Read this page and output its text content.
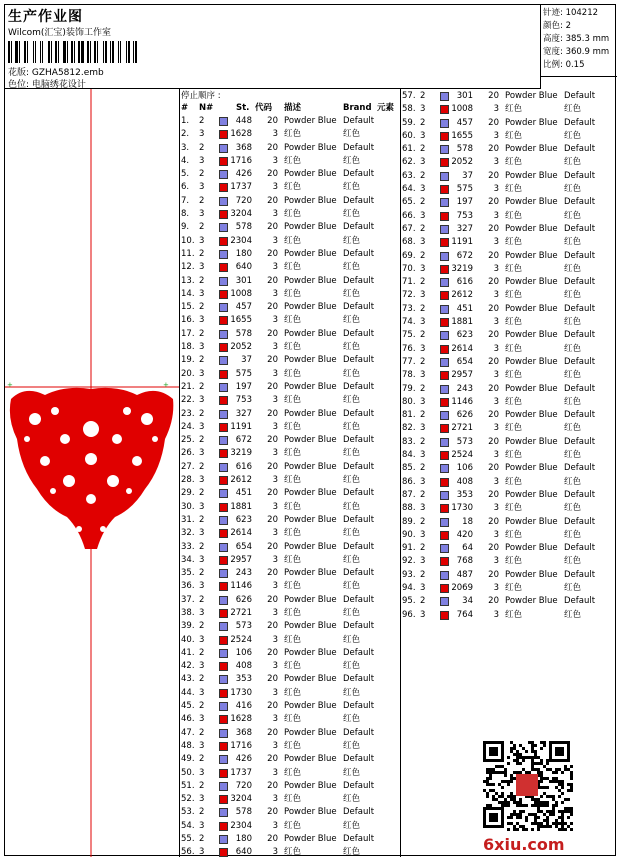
生产作业图
Wilcom(汇宝)装饰工作室
花版: GZHA5812.emb
色位: 电脑绣花设计
针迹: 104212
颜色: 2
高度: 385.3 mm
宽度: 360.9 mm
比例: 0.15
+	+
停止顺序 :
# N#	St. 代码 描述	Brand 元素
1. 2	448	20 Powder Blue Default
2. 3	1628	3 红色	红色
3. 2	368	20 Powder Blue Default
4. 3	1716	3 红色	红色
5. 2	426	20 Powder Blue Default
6. 3	1737	3 红色	红色
7. 2	720	20 Powder Blue Default
8. 3	3204	3 红色	红色
9. 2	578	20 Powder Blue Default
10. 3	2304	3 红色	红色
11. 2	180	20 Powder Blue Default
12. 3	640	3 红色	红色
13. 2	301	20 Powder Blue Default
14. 3	1008	3 红色	红色
15. 2	457	20 Powder Blue Default
16. 3	1655	3 红色	红色
17. 2	578	20 Powder Blue Default
18. 3	2052	3 红色	红色
19. 2	37	20 Powder Blue Default
20. 3	575	3 红色	红色
21. 2	197	20 Powder Blue Default
22. 3	753	3 红色	红色
23. 2	327	20 Powder Blue Default
24. 3	1191	3 红色	红色
25. 2	672	20 Powder Blue Default
26. 3	3219	3 红色	红色
27. 2	616	20 Powder Blue Default
28. 3	2612	3 红色	红色
29. 2	451	20 Powder Blue Default
30. 3	1881	3 红色	红色
31. 2	623	20 Powder Blue Default
32. 3	2614	3 红色	红色
33. 2	654	20 Powder Blue Default
34. 3	2957	3 红色	红色
35. 2	243	20 Powder Blue Default
36. 3	1146	3 红色	红色
37. 2	626	20 Powder Blue Default
38. 3	2721	3 红色	红色
39. 2	573	20 Powder Blue Default
40. 3	2524	3 红色	红色
41. 2	106	20 Powder Blue Default
42. 3	408	3 红色	红色
43. 2	353	20 Powder Blue Default
44. 3	1730	3 红色	红色
45. 2	416	20 Powder Blue Default
46. 3	1628	3 红色	红色
47. 2	368	20 Powder Blue Default
48. 3	1716	3 红色	红色
49. 2	426	20 Powder Blue Default
50. 3	1737	3 红色	红色
51. 2	720	20 Powder Blue Default
52. 3	3204	3 红色	红色
53. 2	578	20 Powder Blue Default
54. 3	2304	3 红色	红色
55. 2	180	20 Powder Blue Default
56. 3	640	3 红色	红色
57. 2	301	20 Powder Blue Default
58. 3	1008	3 红色	红色
59. 2	457	20 Powder Blue Default
60. 3	1655	3 红色	红色
61. 2	578	20 Powder Blue Default
62. 3	2052	3 红色	红色
63. 2	37	20 Powder Blue Default
64. 3	575	3 红色	红色
65. 2	197	20 Powder Blue Default
66. 3	753	3 红色	红色
67. 2	327	20 Powder Blue Default
68. 3	1191	3 红色	红色
69. 2	672	20 Powder Blue Default
70. 3	3219	3 红色	红色
71. 2	616	20 Powder Blue Default
72. 3	2612	3 红色	红色
73. 2	451	20 Powder Blue Default
74. 3	1881	3 红色	红色
75. 2	623	20 Powder Blue Default
76. 3	2614	3 红色	红色
77. 2	654	20 Powder Blue Default
78. 3	2957	3 红色	红色
79. 2	243	20 Powder Blue Default
80. 3	1146	3 红色	红色
81. 2	626	20 Powder Blue Default
82. 3	2721	3 红色	红色
83. 2	573	20 Powder Blue Default
84. 3	2524	3 红色	红色
85. 2	106	20 Powder Blue Default
86. 3	408	3 红色	红色
87. 2	353	20 Powder Blue Default
88. 3	1730	3 红色	红色
89. 2	18	20 Powder Blue Default
90. 3	420	3 红色	红色
91. 2	64	20 Powder Blue Default
92. 3	768	3 红色	红色
93. 2	487	20 Powder Blue Default
94. 3	2069	3 红色	红色
95. 2	34	20 Powder Blue Default
96. 3	764	3 红色	红色
6xiu.com
